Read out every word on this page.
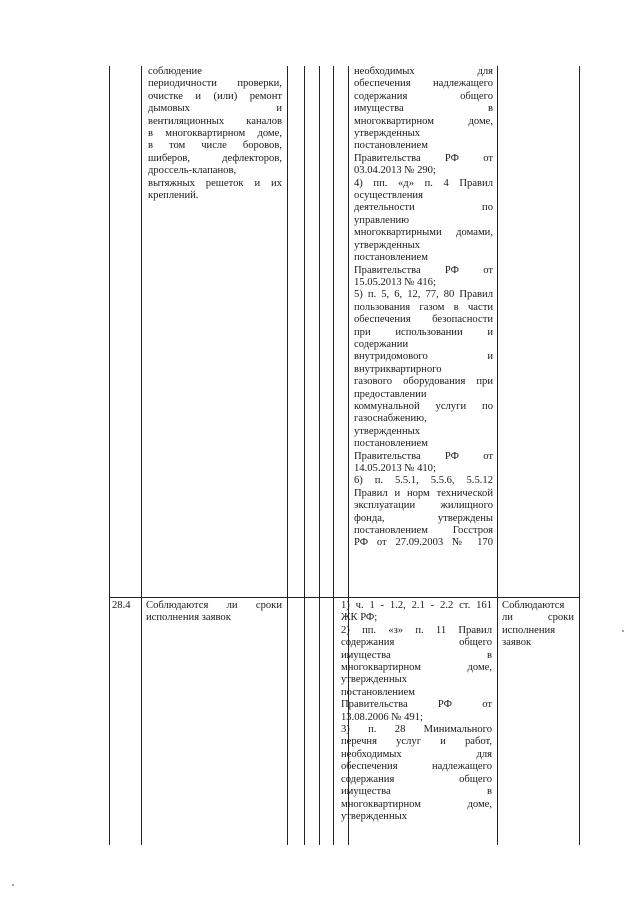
соблюдение
периодичности проверки,
очистке и (или) ремонт
дымовых и
вентиляционных каналов
в многоквартирном доме,
в том числе боровов,
шиберов, дефлекторов,
дроссель-клапанов,
вытяжных решеток и их
креплений.
необходимых для
обеспечения надлежащего
содержания общего
имущества в
многоквартирном доме,
утвержденных
постановлением
Правительства РФ от
03.04.2013 № 290;
4) пп. «д» п. 4 Правил
осуществления
деятельности по
управлению
многоквартирными домами,
утвержденных
постановлением
Правительства РФ от
15.05.2013 № 416;
5) п. 5, 6, 12, 77, 80 Правил
пользования газом в части
обеспечения безопасности
при использовании и
содержании
внутридомового и
внутриквартирного
газового оборудования при
предоставлении
коммунальной услуги по
газоснабжению,
утвержденных
постановлением
Правительства РФ от
14.05.2013 № 410;
6) п. 5.5.1, 5.5.6, 5.5.12
Правил и норм технической
эксплуатации жилищного
фонда, утверждены
постановлением Госстроя
РФ от 27.09.2003 № 170
28.4 Соблюдаются ли сроки
исполнения заявок
1) ч. 1 - 1.2, 2.1 - 2.2 ст. 161
ЖК РФ;
2) пп. «з» п. 11 Правил
содержания общего
имущества в
многоквартирном доме,
утвержденных
постановлением
Правительства РФ от
13.08.2006 № 491;
3) п. 28 Минимального
перечня услуг и работ,
необходимых для
обеспечения надлежащего
содержания общего
имущества в
многоквартирном доме,
утвержденных
Соблюдаются
ли сроки
исполнения
заявок
